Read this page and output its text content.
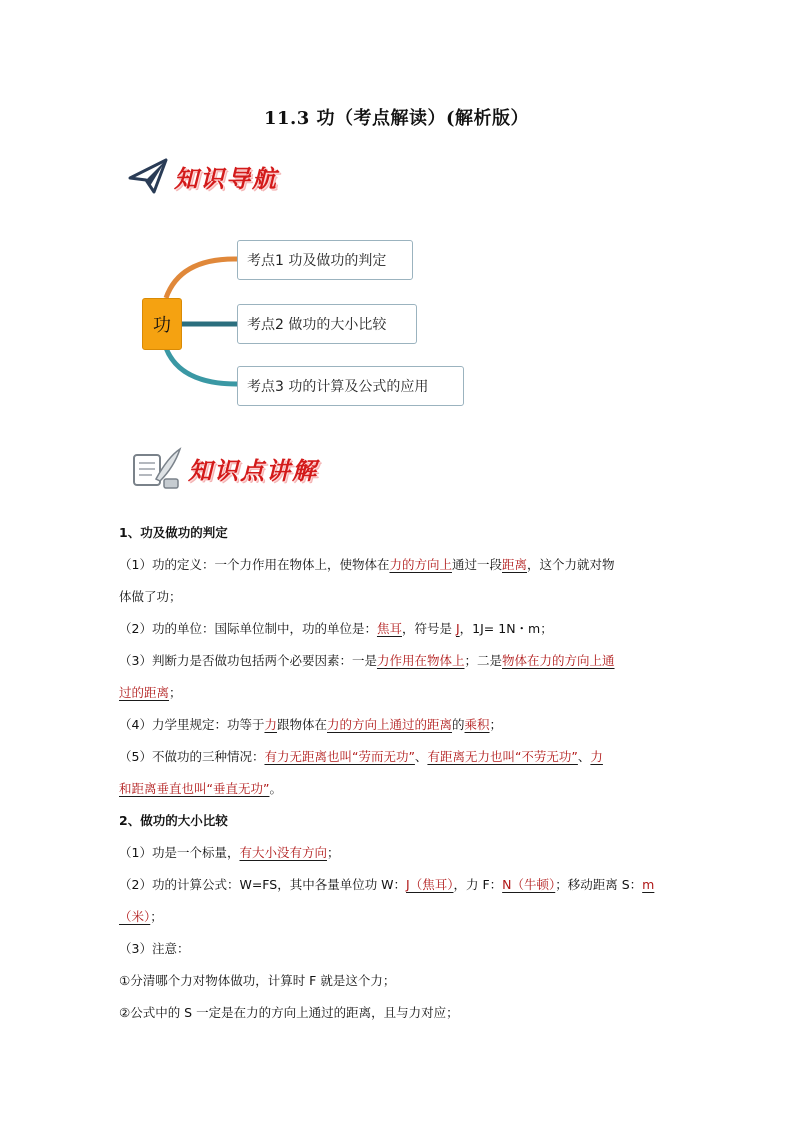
11.3 功（考点解读）(解析版）
知识导航
功
考点1 功及做功的判定
考点2 做功的大小比较
考点3 功的计算及公式的应用
知识点讲解

1、功及做功的判定

（1）功的定义：一个力作用在物体上，使物体在力的方向上通过一段距离，这个力就对物

体做了功；

（2）功的单位：国际单位制中，功的单位是：焦耳，符号是 J，1J= 1N・m；

（3）判断力是否做功包括两个必要因素：一是力作用在物体上；二是物体在力的方向上通

过的距离；

（4）力学里规定：功等于力跟物体在力的方向上通过的距离的乘积；

（5）不做功的三种情况：有力无距离也叫“劳而无功”、有距离无力也叫“不劳无功”、力

和距离垂直也叫“垂直无功”。

2、做功的大小比较

（1）功是一个标量，有大小没有方向；

（2）功的计算公式：W=FS，其中各量单位功 W：J（焦耳），力 F：N（牛顿）；移动距离 S：m

（米）；

（3）注意：

①分清哪个力对物体做功，计算时 F 就是这个力；

②公式中的 S 一定是在力的方向上通过的距离，且与力对应；
